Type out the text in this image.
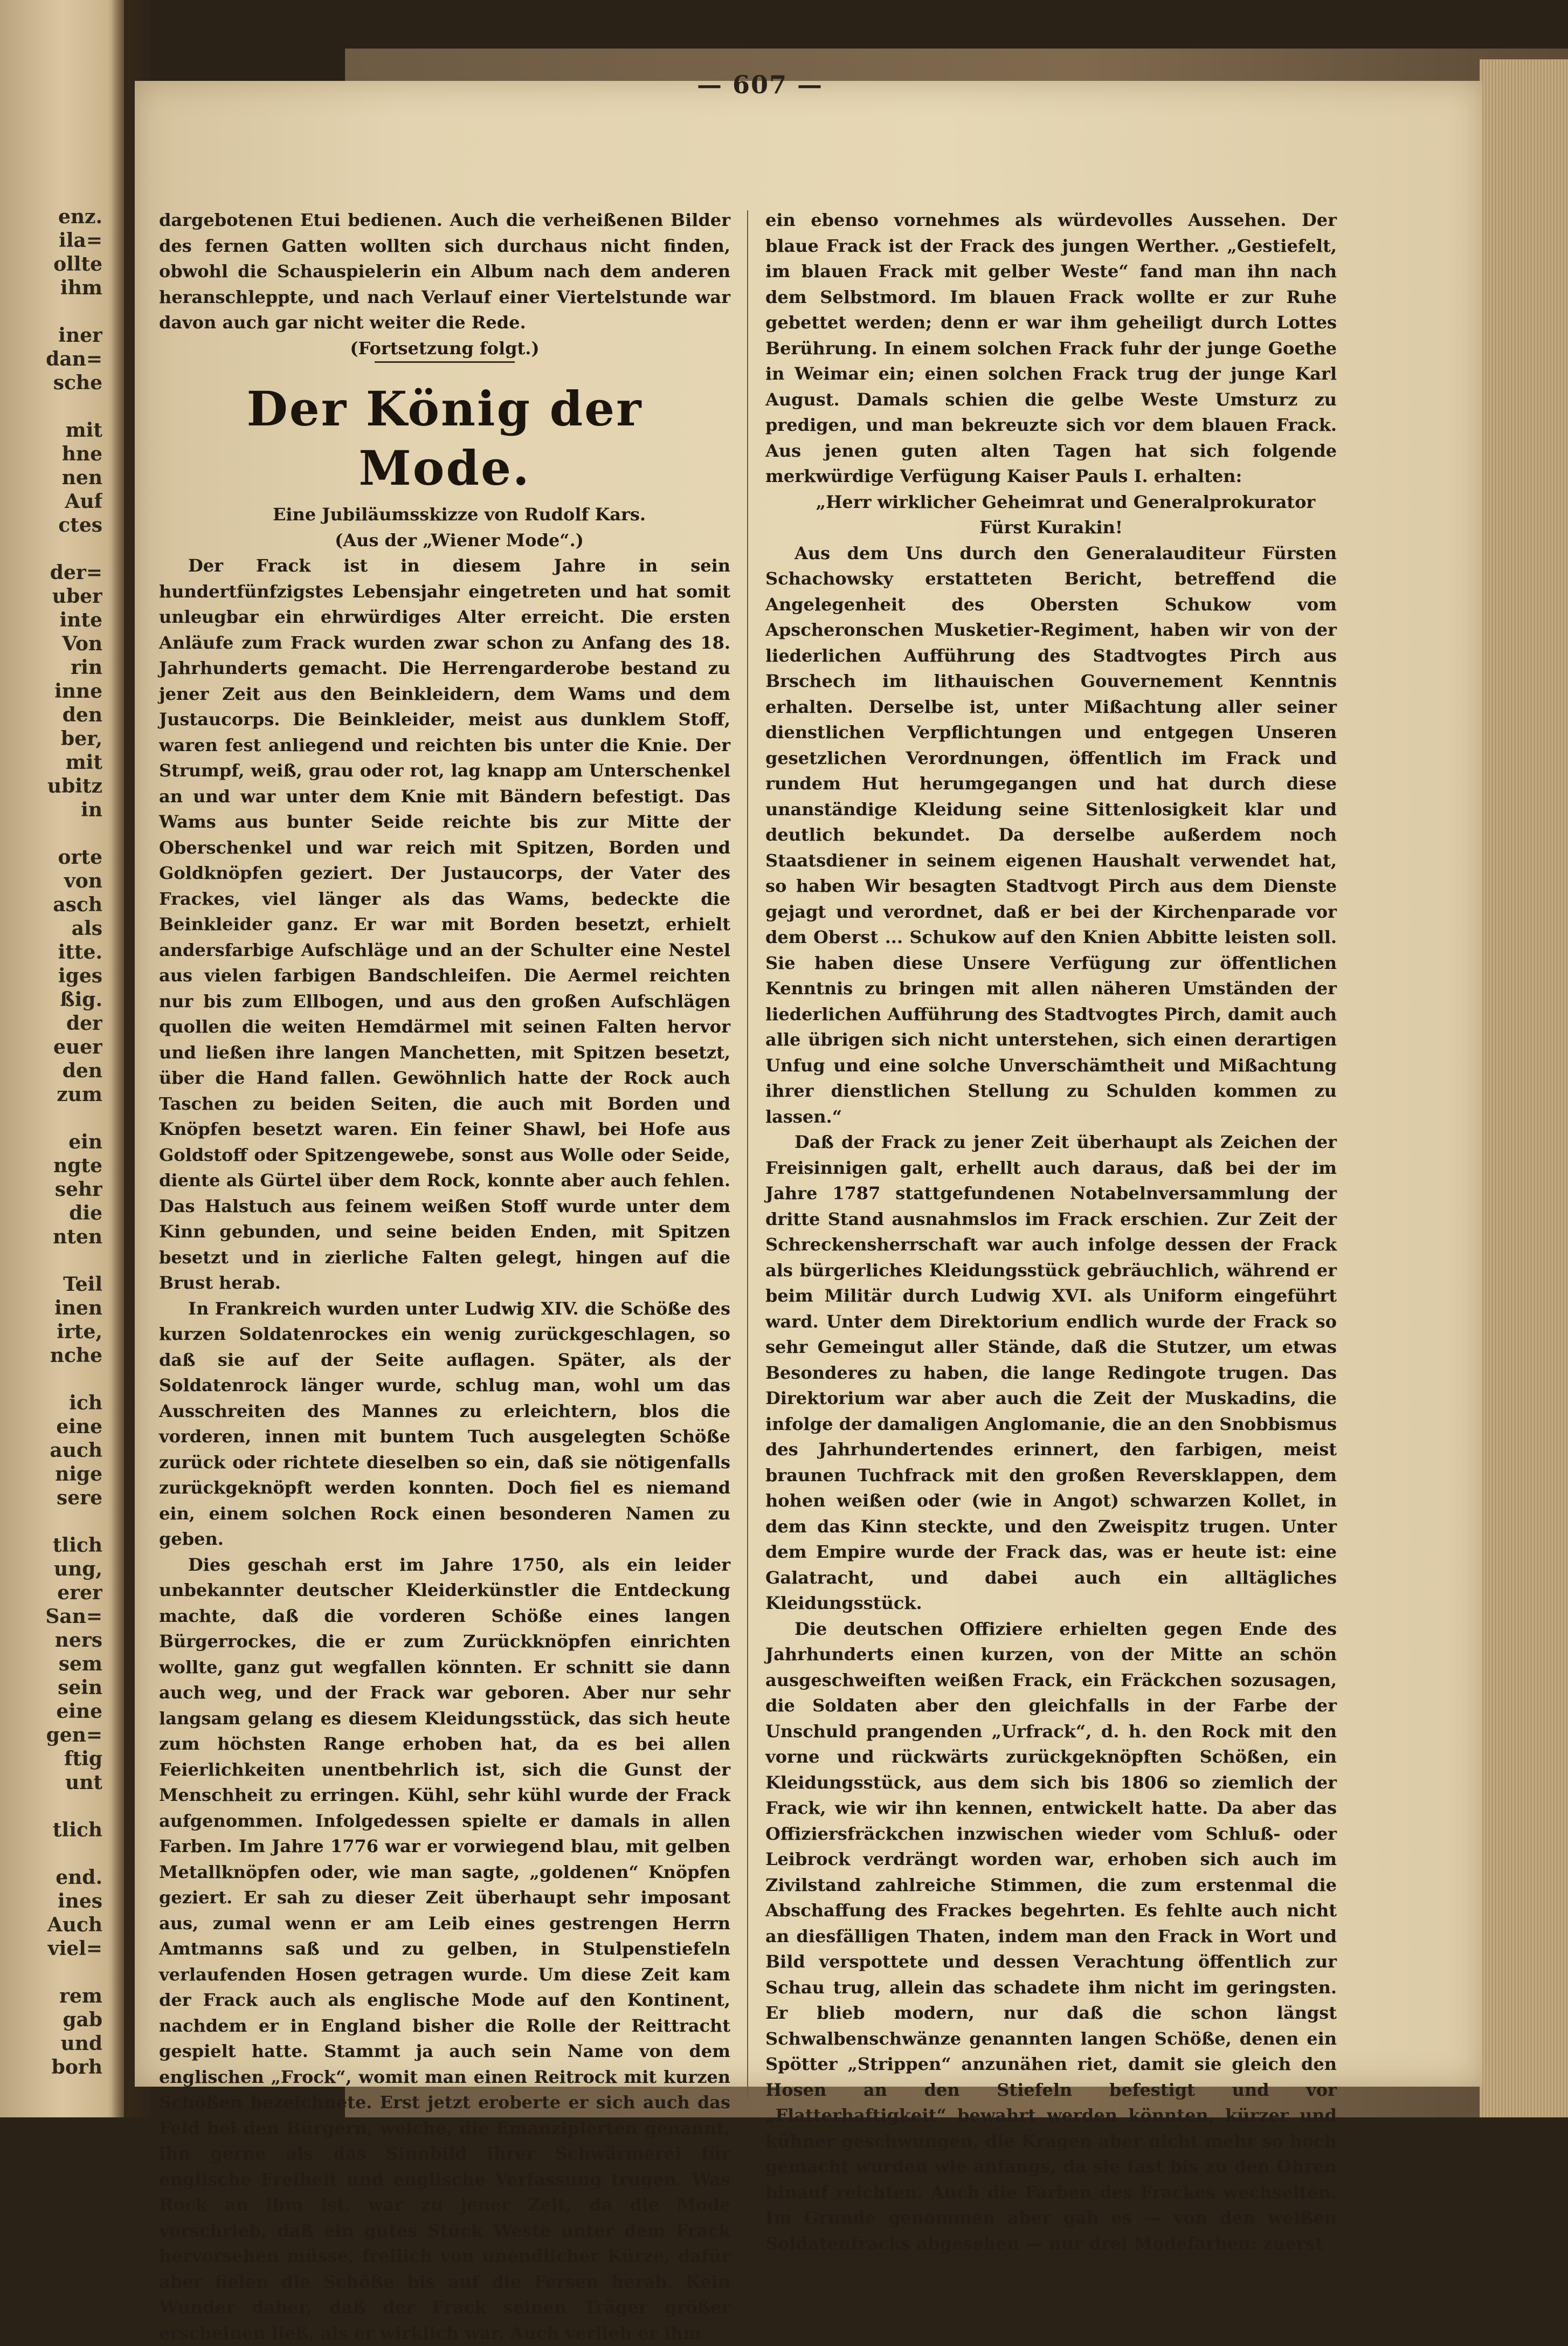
enz.
ila=
ollte
ihm
iner
dan=
sche
mit
hne
nen
Auf
ctes
der=
uber
inte
Von
rin
inne
den
ber,
mit
ubitz
in
orte
von
asch
als
itte.
iges
ßig.
der
euer
den
zum
ein
ngte
sehr
die
nten
Teil
inen
irte,
nche
ich
eine
auch
nige
sere
tlich
ung,
erer
San=
ners
sem
sein
eine
gen=
ftig
unt
tlich
end.
ines
Auch
viel=
rem
gab
und
borh
— 607 —

dargebotenen Etui bedienen. Auch die verheißenen Bilder des fernen Gatten wollten sich durchaus nicht finden, obwohl die Schauspielerin ein Album nach dem anderen heranschleppte, und nach Verlauf einer Viertelstunde war davon auch gar nicht weiter die Rede.

(Fortsetzung folgt.)

Der König der Mode.

Eine Jubiläumsskizze von Rudolf Kars.

(Aus der „Wiener Mode“.)

Der Frack ist in diesem Jahre in sein hundertfünfzigstes Lebensjahr eingetreten und hat somit unleugbar ein ehrwürdiges Alter erreicht. Die ersten Anläufe zum Frack wurden zwar schon zu Anfang des 18. Jahrhunderts gemacht. Die Herrengarderobe bestand zu jener Zeit aus den Beinkleidern, dem Wams und dem Justaucorps. Die Beinkleider, meist aus dunklem Stoff, waren fest anliegend und reichten bis unter die Knie. Der Strumpf, weiß, grau oder rot, lag knapp am Unterschenkel an und war unter dem Knie mit Bändern befestigt. Das Wams aus bunter Seide reichte bis zur Mitte der Oberschenkel und war reich mit Spitzen, Borden und Goldknöpfen geziert. Der Justaucorps, der Vater des Frackes, viel länger als das Wams, bedeckte die Beinkleider ganz. Er war mit Borden besetzt, erhielt andersfarbige Aufschläge und an der Schulter eine Nestel aus vielen farbigen Bandschleifen. Die Aermel reichten nur bis zum Ellbogen, und aus den großen Aufschlägen quollen die weiten Hemdärmel mit seinen Falten hervor und ließen ihre langen Manchetten, mit Spitzen besetzt, über die Hand fallen. Gewöhnlich hatte der Rock auch Taschen zu beiden Seiten, die auch mit Borden und Knöpfen besetzt waren. Ein feiner Shawl, bei Hofe aus Goldstoff oder Spitzengewebe, sonst aus Wolle oder Seide, diente als Gürtel über dem Rock, konnte aber auch fehlen. Das Halstuch aus feinem weißen Stoff wurde unter dem Kinn gebunden, und seine beiden Enden, mit Spitzen besetzt und in zierliche Falten gelegt, hingen auf die Brust herab.

In Frankreich wurden unter Ludwig XIV. die Schöße des kurzen Soldatenrockes ein wenig zurückgeschlagen, so daß sie auf der Seite auflagen. Später, als der Soldatenrock länger wurde, schlug man, wohl um das Ausschreiten des Mannes zu erleichtern, blos die vorderen, innen mit buntem Tuch ausgelegten Schöße zurück oder richtete dieselben so ein, daß sie nötigenfalls zurückgeknöpft werden konnten. Doch fiel es niemand ein, einem solchen Rock einen besonderen Namen zu geben.

Dies geschah erst im Jahre 1750, als ein leider unbekannter deutscher Kleiderkünstler die Entdeckung machte, daß die vorderen Schöße eines langen Bürgerrockes, die er zum Zurückknöpfen einrichten wollte, ganz gut wegfallen könnten. Er schnitt sie dann auch weg, und der Frack war geboren. Aber nur sehr langsam gelang es diesem Kleidungsstück, das sich heute zum höchsten Range erhoben hat, da es bei allen Feierlichkeiten unentbehrlich ist, sich die Gunst der Menschheit zu erringen. Kühl, sehr kühl wurde der Frack aufgenommen. Infolgedessen spielte er damals in allen Farben. Im Jahre 1776 war er vorwiegend blau, mit gelben Metallknöpfen oder, wie man sagte, „goldenen“ Knöpfen geziert. Er sah zu dieser Zeit überhaupt sehr imposant aus, zumal wenn er am Leib eines gestrengen Herrn Amtmanns saß und zu gelben, in Stulpenstiefeln verlaufenden Hosen getragen wurde. Um diese Zeit kam der Frack auch als englische Mode auf den Kontinent, nachdem er in England bisher die Rolle der Reittracht gespielt hatte. Stammt ja auch sein Name von dem englischen „Frock“, womit man einen Reitrock mit kurzen Schößen bezeichnete. Erst jetzt eroberte er sich auch das Feld bei den Bürgern, welche, die Emanzipierten genannt, ihn gerne als das Sinnbild ihrer Schwärmerei für englische Freiheit und englische Verfassung trugen. Was Rock an ihm ist, war zu jener Zeit, da die Mode vorschrieb, daß ein gutes Stück Weste unter dem Frack hervorsehen müsse, freilich von unendlicher Kürze, dafür aber fielen die Schöße bis auf die Fersen herab. Kein Wunder daher, daß der Frack seinen Träger größer erscheinen ließ, als er wirklich war. Auch verlieh er ihm

ein ebenso vornehmes als würdevolles Aussehen. Der blaue Frack ist der Frack des jungen Werther. „Gestiefelt, im blauen Frack mit gelber Weste“ fand man ihn nach dem Selbstmord. Im blauen Frack wollte er zur Ruhe gebettet werden; denn er war ihm geheiligt durch Lottes Berührung. In einem solchen Frack fuhr der junge Goethe in Weimar ein; einen solchen Frack trug der junge Karl August. Damals schien die gelbe Weste Umsturz zu predigen, und man bekreuzte sich vor dem blauen Frack. Aus jenen guten alten Tagen hat sich folgende merkwürdige Verfügung Kaiser Pauls I. erhalten:

„Herr wirklicher Geheimrat und Generalprokurator Fürst Kurakin!

Aus dem Uns durch den Generalauditeur Fürsten Schachowsky erstatteten Bericht, betreffend die Angelegenheit des Obersten Schukow vom Apscheronschen Musketier-Regiment, haben wir von der liederlichen Aufführung des Stadtvogtes Pirch aus Brschech im lithauischen Gouvernement Kenntnis erhalten. Derselbe ist, unter Mißachtung aller seiner dienstlichen Verpflichtungen und entgegen Unseren gesetzlichen Verordnungen, öffentlich im Frack und rundem Hut herumgegangen und hat durch diese unanständige Kleidung seine Sittenlosigkeit klar und deutlich bekundet. Da derselbe außerdem noch Staatsdiener in seinem eigenen Haushalt verwendet hat, so haben Wir besagten Stadtvogt Pirch aus dem Dienste gejagt und verordnet, daß er bei der Kirchenparade vor dem Oberst ... Schukow auf den Knien Abbitte leisten soll. Sie haben diese Unsere Verfügung zur öffentlichen Kenntnis zu bringen mit allen näheren Umständen der liederlichen Aufführung des Stadtvogtes Pirch, damit auch alle übrigen sich nicht unterstehen, sich einen derartigen Unfug und eine solche Unverschämtheit und Mißachtung ihrer dienstlichen Stellung zu Schulden kommen zu lassen.“

Daß der Frack zu jener Zeit überhaupt als Zeichen der Freisinnigen galt, erhellt auch daraus, daß bei der im Jahre 1787 stattgefundenen Notabelnversammlung der dritte Stand ausnahmslos im Frack erschien. Zur Zeit der Schreckensherrschaft war auch infolge dessen der Frack als bürgerliches Kleidungsstück gebräuchlich, während er beim Militär durch Ludwig XVI. als Uniform eingeführt ward. Unter dem Direktorium endlich wurde der Frack so sehr Gemeingut aller Stände, daß die Stutzer, um etwas Besonderes zu haben, die lange Redingote trugen. Das Direktorium war aber auch die Zeit der Muskadins, die infolge der damaligen Anglomanie, die an den Snobbismus des Jahrhundertendes erinnert, den farbigen, meist braunen Tuchfrack mit den großen Reversklappen, dem hohen weißen oder (wie in Angot) schwarzen Kollet, in dem das Kinn steckte, und den Zweispitz trugen. Unter dem Empire wurde der Frack das, was er heute ist: eine Galatracht, und dabei auch ein alltägliches Kleidungsstück.

Die deutschen Offiziere erhielten gegen Ende des Jahrhunderts einen kurzen, von der Mitte an schön ausgeschweiften weißen Frack, ein Fräckchen sozusagen, die Soldaten aber den gleichfalls in der Farbe der Unschuld prangenden „Urfrack“, d. h. den Rock mit den vorne und rückwärts zurückgeknöpften Schößen, ein Kleidungsstück, aus dem sich bis 1806 so ziemlich der Frack, wie wir ihn kennen, entwickelt hatte. Da aber das Offiziersfräckchen inzwischen wieder vom Schluß- oder Leibrock verdrängt worden war, erhoben sich auch im Zivilstand zahlreiche Stimmen, die zum erstenmal die Abschaffung des Frackes begehrten. Es fehlte auch nicht an diesfälligen Thaten, indem man den Frack in Wort und Bild verspottete und dessen Verachtung öffentlich zur Schau trug, allein das schadete ihm nicht im geringsten. Er blieb modern, nur daß die schon längst Schwalbenschwänze genannten langen Schöße, denen ein Spötter „Strippen“ anzunähen riet, damit sie gleich den Hosen an den Stiefeln befestigt und vor „Flatterhaftigkeit“ bewahrt werden könnten, kürzer und kühner geschwungen, die Kragen aber nicht mehr so hoch gemacht wurden wie anfangs, da sie fast bis zu den Ohren hinauf reichten. Auch die Farben des Frackes wechselten. Im Grunde genommen aber gab es — von den weißen Soldatenfracks abgesehen — nur drei Modefarben: zuerst
